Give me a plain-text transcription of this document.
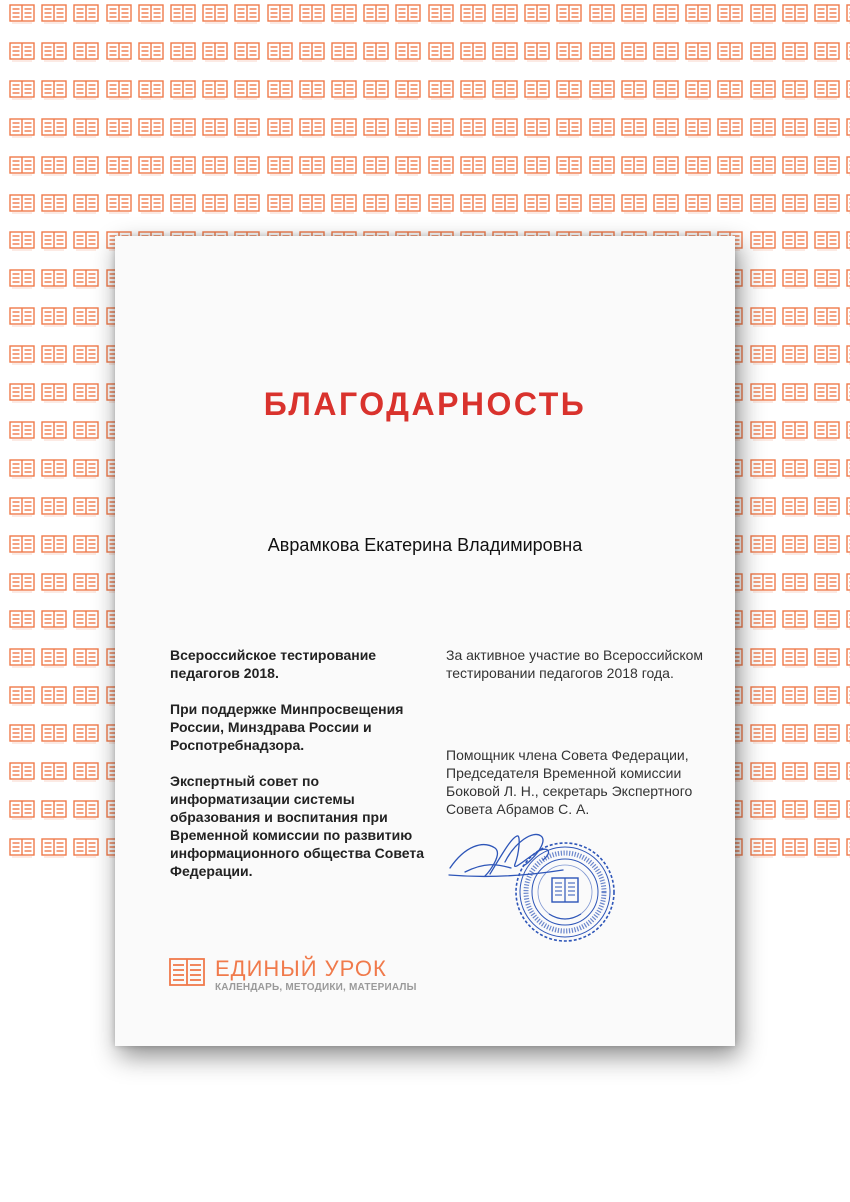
БЛАГОДАРНОСТЬ
Аврамкова Екатерина Владимировна

Всероссийское тестирование педагогов 2018.

При поддержке Минпросвещения России, Минздрава России и Роспотребнадзора.

Экспертный совет по информатизации системы образования и воспитания при Временной комиссии по развитию информационного общества Совета Федерации.

За активное участие во Всероссийском тестировании педагогов 2018 года.

Помощник члена Совета Федерации, Председателя Временной комиссии Боковой Л. Н., секретарь Экспертного Совета Абрамов С. А.

ЕДИНЫЙ УРОК
КАЛЕНДАРЬ, МЕТОДИКИ, МАТЕРИАЛЫ
